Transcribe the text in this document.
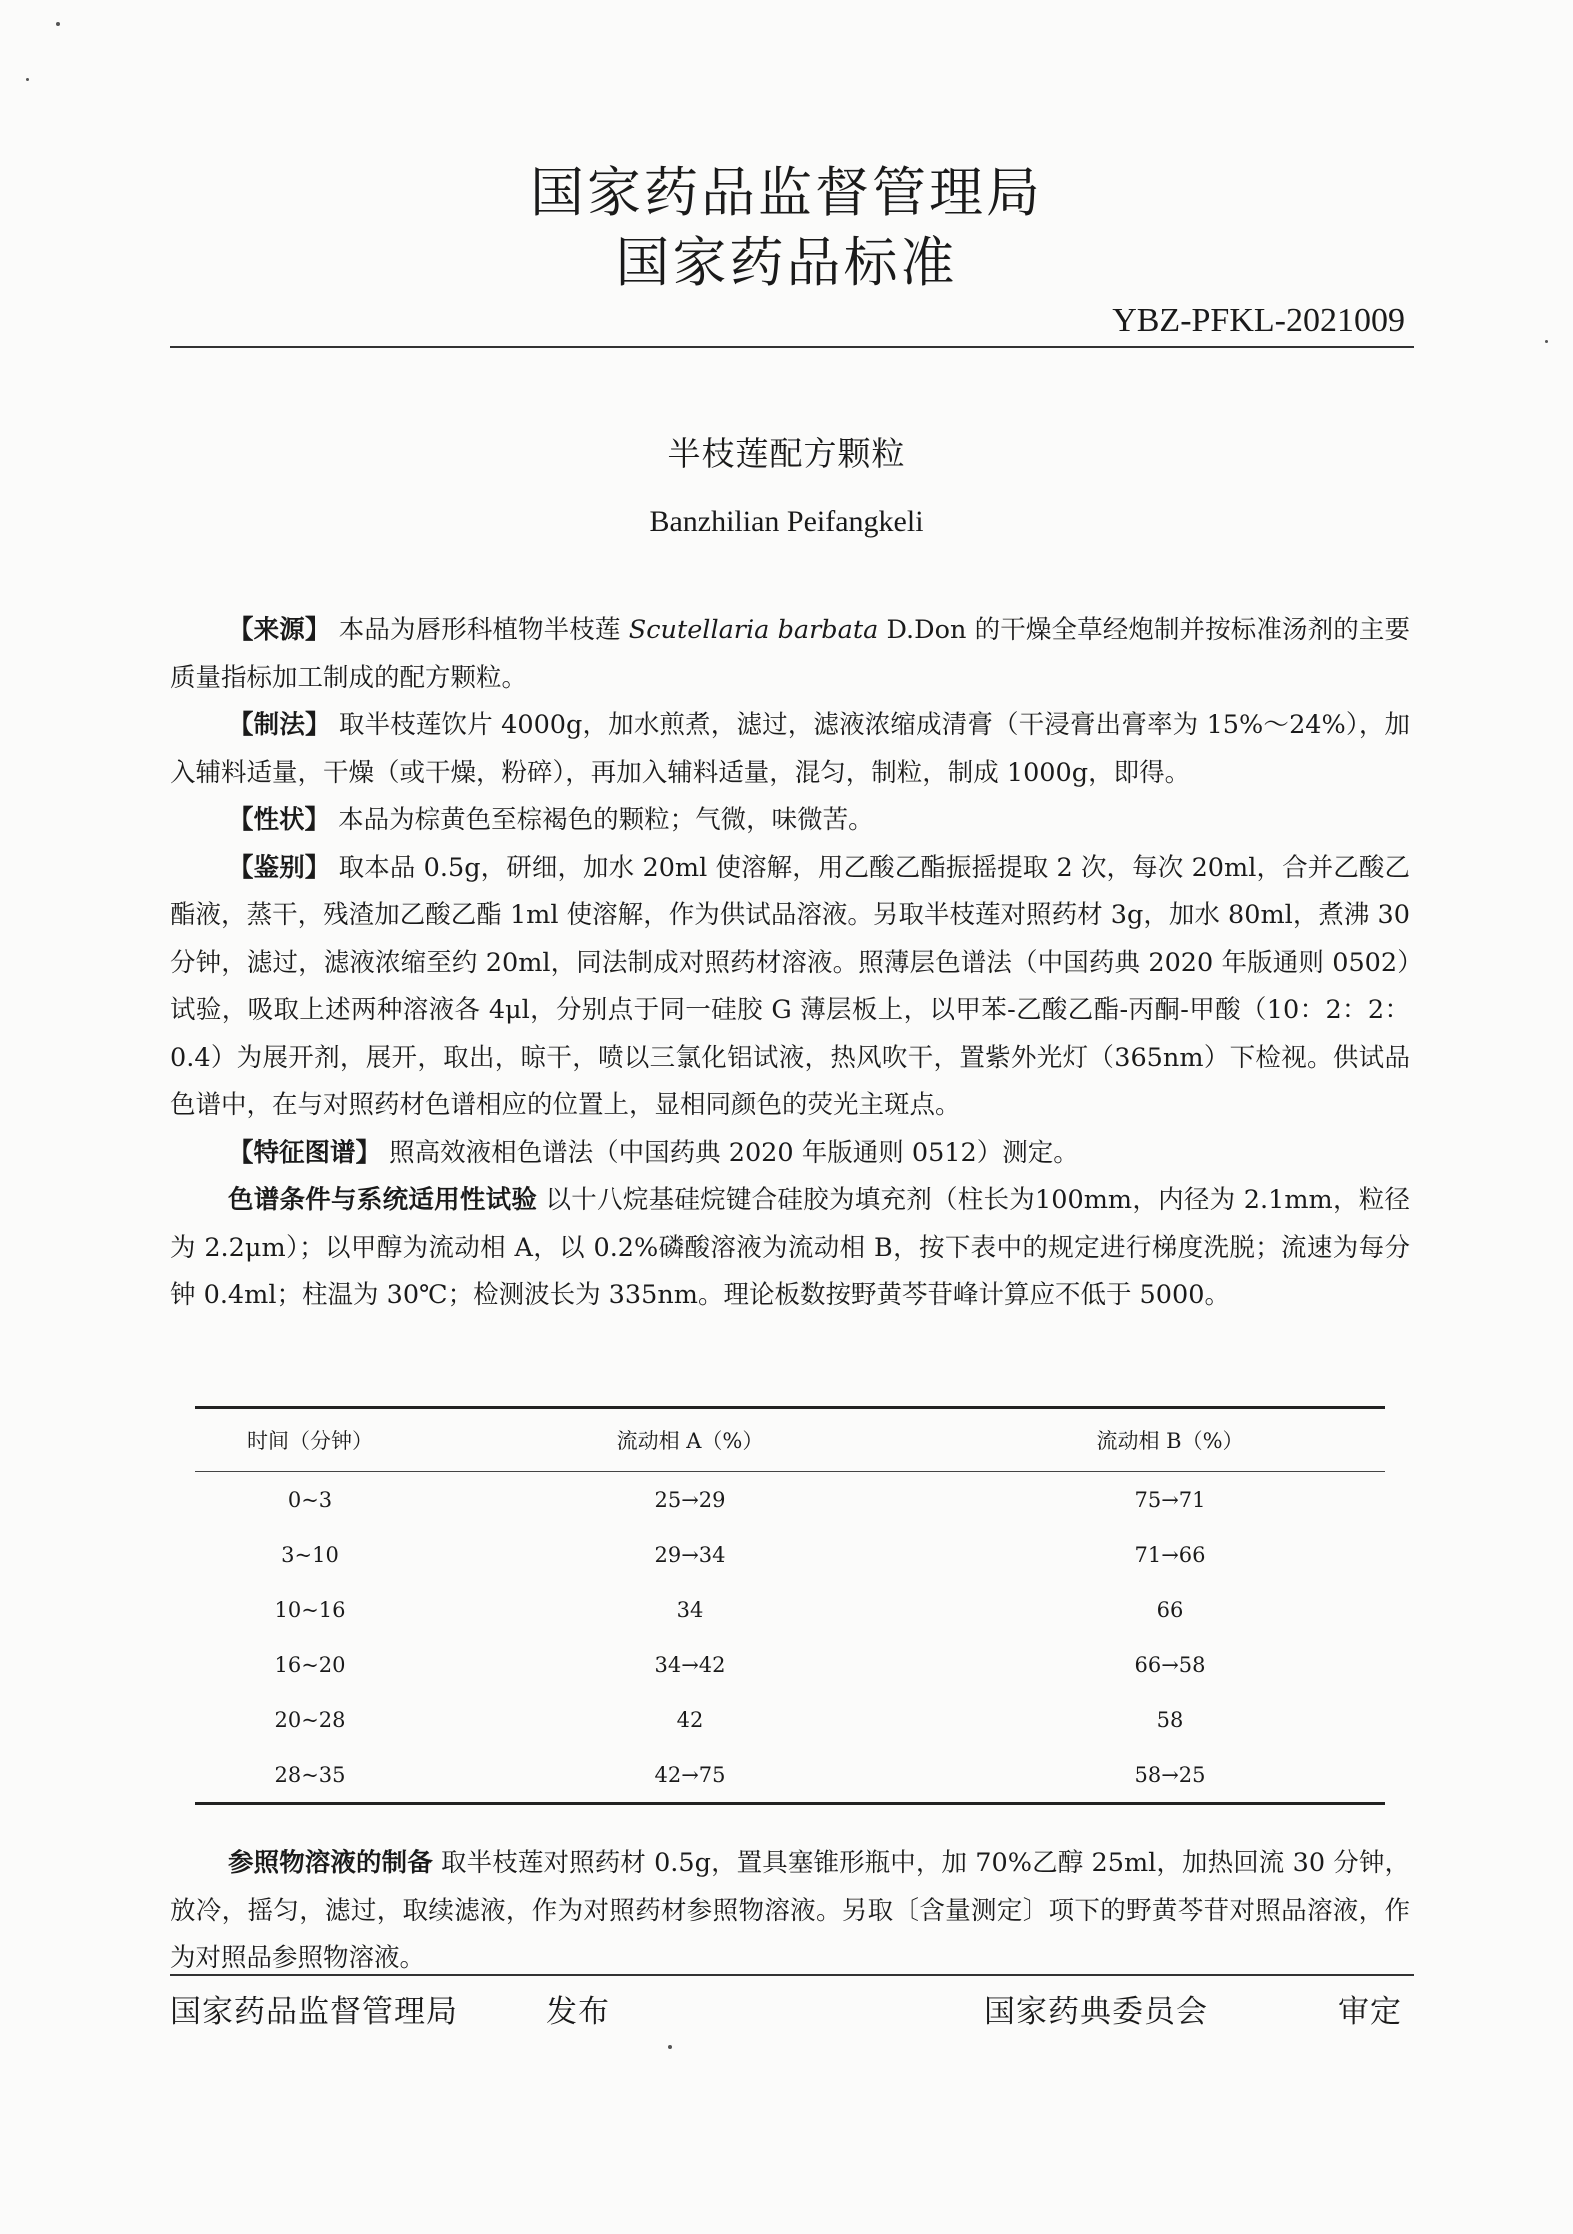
国家药品监督管理局
国家药品标准
YBZ-PFKL-2021009
半枝莲配方颗粒
Banzhilian Peifangkeli

【来源】 本品为唇形科植物半枝莲 Scutellaria barbata D.Don 的干燥全草经炮制并按标准汤剂的主要质量指标加工制成的配方颗粒。

【制法】 取半枝莲饮片 4000g，加水煎煮，滤过，滤液浓缩成清膏（干浸膏出膏率为 15%～24%），加入辅料适量，干燥（或干燥，粉碎），再加入辅料适量，混匀，制粒，制成 1000g，即得。

【性状】 本品为棕黄色至棕褐色的颗粒；气微，味微苦。

【鉴别】 取本品 0.5g，研细，加水 20ml 使溶解，用乙酸乙酯振摇提取 2 次，每次 20ml，合并乙酸乙酯液，蒸干，残渣加乙酸乙酯 1ml 使溶解，作为供试品溶液。另取半枝莲对照药材 3g，加水 80ml，煮沸 30 分钟，滤过，滤液浓缩至约 20ml，同法制成对照药材溶液。照薄层色谱法（中国药典 2020 年版通则 0502）试验，吸取上述两种溶液各 4μl，分别点于同一硅胶 G 薄层板上，以甲苯-乙酸乙酯-丙酮-甲酸（10：2：2：0.4）为展开剂，展开，取出，晾干，喷以三氯化铝试液，热风吹干，置紫外光灯（365nm）下检视。供试品色谱中，在与对照药材色谱相应的位置上，显相同颜色的荧光主斑点。

【特征图谱】 照高效液相色谱法（中国药典 2020 年版通则 0512）测定。

色谱条件与系统适用性试验 以十八烷基硅烷键合硅胶为填充剂（柱长为100mm，内径为 2.1mm，粒径为 2.2μm）；以甲醇为流动相 A，以 0.2%磷酸溶液为流动相 B，按下表中的规定进行梯度洗脱；流速为每分钟 0.4ml；柱温为 30℃；检测波长为 335nm。理论板数按野黄芩苷峰计算应不低于 5000。

时间（分钟）	流动相 A（%）	流动相 B（%）
0~3	25→29	75→71
3~10	29→34	71→66
10~16	34	66
16~20	34→42	66→58
20~28	42	58
28~35	42→75	58→25

参照物溶液的制备 取半枝莲对照药材 0.5g，置具塞锥形瓶中，加 70%乙醇 25ml，加热回流 30 分钟，放冷，摇匀，滤过，取续滤液，作为对照药材参照物溶液。另取〔含量测定〕项下的野黄芩苷对照品溶液，作为对照品参照物溶液。

国家药品监督管理局	发布	国家药典委员会	审定
